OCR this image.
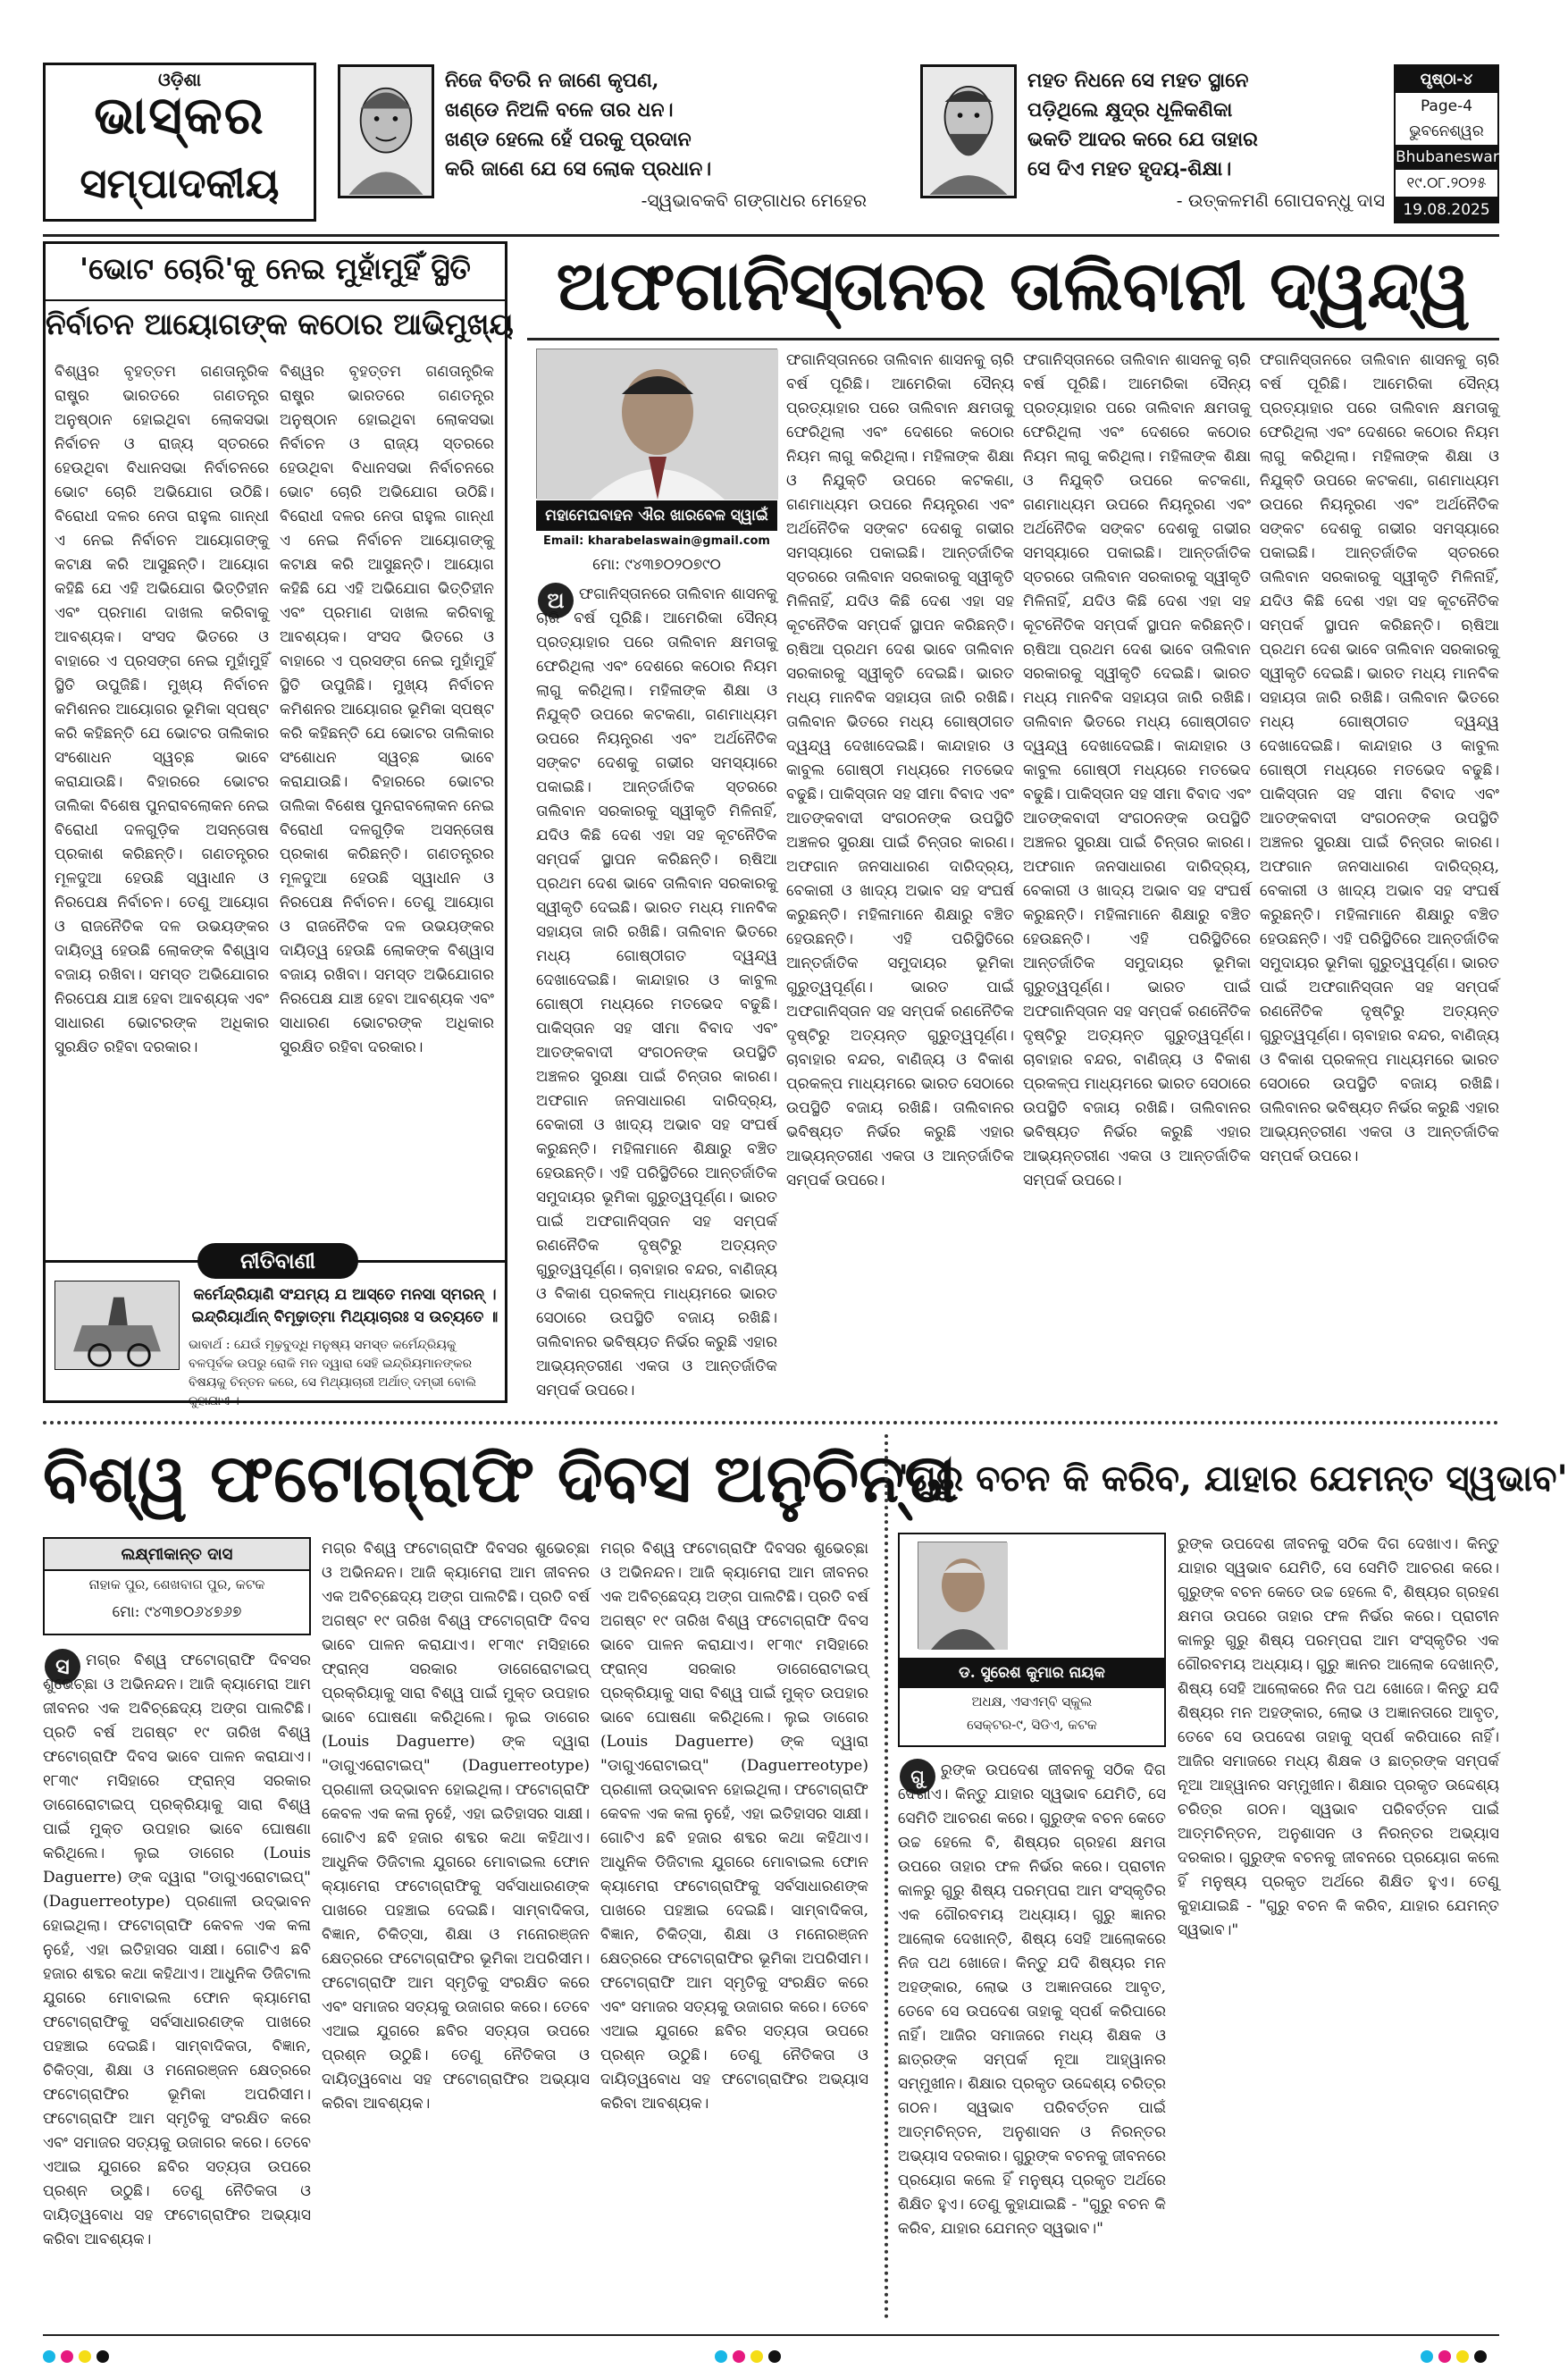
ଓଡ଼ିଶା
ଭାସ୍କର
ସମ୍ପାଦକୀୟ
ନିଜେ ବିତରି ନ ଜାଣେ କୃପଣ,
ଖଣ୍ଡେ ନିଅଳି ବଳେ ତାର ଧନ।
ଖଣ୍ଡ ହେଲେ ହେଁ ପରକୁ ପ୍ରଦାନ
କରି ଜାଣେ ଯେ ସେ ଲୋକ ପ୍ରଧାନ।
-ସ୍ୱଭାବକବି ଗଙ୍ଗାଧର ମେହେର
ମହତ ନିଧନେ ସେ ମହତ ସ୍ଥାନେ
ପଡ଼ିଥିଲେ କ୍ଷୁଦ୍ର ଧୂଳିକଣିକା
ଭକତି ଆଦର କରେ ଯେ ତାହାର
ସେ ଦିଏ ମହତ ହୃଦୟ-ଶିକ୍ଷା।
- ଉତ୍କଳମଣି ଗୋପବନ୍ଧୁ ଦାସ
ପୃଷ୍ଠା-୪
Page-4
ଭୁବନେଶ୍ୱର
Bhubaneswar
୧୯.୦୮.୨୦୨୫
19.08.2025
'ଭୋଟ ଚୋରି'କୁ ନେଇ ମୁହାଁମୁହିଁ ସ୍ଥିତି
ନିର୍ବାଚନ ଆୟୋଗଙ୍କ କଠୋର ଆଭିମୁଖ୍ୟ
ବିଶ୍ୱର ବୃହତ୍ତମ ଗଣତାନ୍ତ୍ରିକ ରାଷ୍ଟ୍ର ଭାରତରେ ଗଣତନ୍ତ୍ର ଅନୁଷ୍ଠାନ ହୋଇଥିବା ଲୋକସଭା ନିର୍ବାଚନ ଓ ରାଜ୍ୟ ସ୍ତରରେ ହେଉଥିବା ବିଧାନସଭା ନିର୍ବାଚନରେ ଭୋଟ ଚୋରି ଅଭିଯୋଗ ଉଠିଛି। ବିରୋଧୀ ଦଳର ନେତା ରାହୁଲ ଗାନ୍ଧୀ ଏ ନେଇ ନିର୍ବାଚନ ଆୟୋଗଙ୍କୁ କଟାକ୍ଷ କରି ଆସୁଛନ୍ତି। ଆୟୋଗ କହିଛି ଯେ ଏହି ଅଭିଯୋଗ ଭିତ୍ତିହୀନ ଏବଂ ପ୍ରମାଣ ଦାଖଲ କରିବାକୁ ଆବଶ୍ୟକ। ସଂସଦ ଭିତରେ ଓ ବାହାରେ ଏ ପ୍ରସଙ୍ଗ ନେଇ ମୁହାଁମୁହିଁ ସ୍ଥିତି ଉପୁଜିଛି। ମୁଖ୍ୟ ନିର୍ବାଚନ କମିଶନର ଆୟୋଗର ଭୂମିକା ସ୍ପଷ୍ଟ କରି କହିଛନ୍ତି ଯେ ଭୋଟର ତାଲିକାର ସଂଶୋଧନ ସ୍ୱଚ୍ଛ ଭାବେ କରାଯାଉଛି। ବିହାରରେ ଭୋଟର ତାଲିକା ବିଶେଷ ପୁନରାବଲୋକନ ନେଇ ବିରୋଧୀ ଦଳଗୁଡ଼ିକ ଅସନ୍ତୋଷ ପ୍ରକାଶ କରିଛନ୍ତି। ଗଣତନ୍ତ୍ରର ମୂଳଦୁଆ ହେଉଛି ସ୍ୱାଧୀନ ଓ ନିରପେକ୍ଷ ନିର୍ବାଚନ। ତେଣୁ ଆୟୋଗ ଓ ରାଜନୈତିକ ଦଳ ଉଭୟଙ୍କର ଦାୟିତ୍ୱ ହେଉଛି ଲୋକଙ୍କ ବିଶ୍ୱାସ ବଜାୟ ରଖିବା। ସମସ୍ତ ଅଭିଯୋଗର ନିରପେକ୍ଷ ଯାଞ୍ଚ ହେବା ଆବଶ୍ୟକ ଏବଂ ସାଧାରଣ ଭୋଟରଙ୍କ ଅଧିକାର ସୁରକ୍ଷିତ ରହିବା ଦରକାର।
ବିଶ୍ୱର ବୃହତ୍ତମ ଗଣତାନ୍ତ୍ରିକ ରାଷ୍ଟ୍ର ଭାରତରେ ଗଣତନ୍ତ୍ର ଅନୁଷ୍ଠାନ ହୋଇଥିବା ଲୋକସଭା ନିର୍ବାଚନ ଓ ରାଜ୍ୟ ସ୍ତରରେ ହେଉଥିବା ବିଧାନସଭା ନିର୍ବାଚନରେ ଭୋଟ ଚୋରି ଅଭିଯୋଗ ଉଠିଛି। ବିରୋଧୀ ଦଳର ନେତା ରାହୁଲ ଗାନ୍ଧୀ ଏ ନେଇ ନିର୍ବାଚନ ଆୟୋଗଙ୍କୁ କଟାକ୍ଷ କରି ଆସୁଛନ୍ତି। ଆୟୋଗ କହିଛି ଯେ ଏହି ଅଭିଯୋଗ ଭିତ୍ତିହୀନ ଏବଂ ପ୍ରମାଣ ଦାଖଲ କରିବାକୁ ଆବଶ୍ୟକ। ସଂସଦ ଭିତରେ ଓ ବାହାରେ ଏ ପ୍ରସଙ୍ଗ ନେଇ ମୁହାଁମୁହିଁ ସ୍ଥିତି ଉପୁଜିଛି। ମୁଖ୍ୟ ନିର୍ବାଚନ କମିଶନର ଆୟୋଗର ଭୂମିକା ସ୍ପଷ୍ଟ କରି କହିଛନ୍ତି ଯେ ଭୋଟର ତାଲିକାର ସଂଶୋଧନ ସ୍ୱଚ୍ଛ ଭାବେ କରାଯାଉଛି। ବିହାରରେ ଭୋଟର ତାଲିକା ବିଶେଷ ପୁନରାବଲୋକନ ନେଇ ବିରୋଧୀ ଦଳଗୁଡ଼ିକ ଅସନ୍ତୋଷ ପ୍ରକାଶ କରିଛନ୍ତି। ଗଣତନ୍ତ୍ରର ମୂଳଦୁଆ ହେଉଛି ସ୍ୱାଧୀନ ଓ ନିରପେକ୍ଷ ନିର୍ବାଚନ। ତେଣୁ ଆୟୋଗ ଓ ରାଜନୈତିକ ଦଳ ଉଭୟଙ୍କର ଦାୟିତ୍ୱ ହେଉଛି ଲୋକଙ୍କ ବିଶ୍ୱାସ ବଜାୟ ରଖିବା। ସମସ୍ତ ଅଭିଯୋଗର ନିରପେକ୍ଷ ଯାଞ୍ଚ ହେବା ଆବଶ୍ୟକ ଏବଂ ସାଧାରଣ ଭୋଟରଙ୍କ ଅଧିକାର ସୁରକ୍ଷିତ ରହିବା ଦରକାର।
ନୀତିବାଣୀ
କର୍ମେନ୍ଦ୍ରିୟାଣି ସଂଯମ୍ୟ ଯ ଆସ୍ତେ ମନସା ସ୍ମରନ୍ ।
ଇନ୍ଦ୍ରିୟାର୍ଥାନ୍ ବିମୂଢ଼ାତ୍ମା ମିଥ୍ୟାଚାରଃ ସ ଉଚ୍ୟତେ ॥
ଭାବାର୍ଥ : ଯେଉଁ ମୂଢ଼ବୁଦ୍ଧି ମନୁଷ୍ୟ ସମସ୍ତ କର୍ମେନ୍ଦ୍ରିୟକୁ ବଳପୂର୍ବକ ଉପରୁ ରୋକି ମନ ଦ୍ୱାରା ସେହି ଇନ୍ଦ୍ରିୟମାନଙ୍କର ବିଷୟକୁ ଚିନ୍ତନ କରେ, ସେ ମିଥ୍ୟାଚାରୀ ଅର୍ଥାତ୍ ଦମ୍ଭୀ ବୋଲି କୁହାଯାଏ ।
ଅଫଗାନିସ୍ତାନର ତାଲିବାନୀ ଦ୍ୱନ୍ଦ୍ୱ
ମହାମେଘବାହନ ଐର ଖାରବେଳ ସ୍ୱାଇଁ
Email: kharabelaswain@gmail.com
ମୋ: ୯୪୩୭୦୨୦୭୯୦
ଅ ଫଗାନିସ୍ତାନରେ ତାଲିବାନ ଶାସନକୁ ଚାରି ବର୍ଷ ପୂରିଛି। ଆମେରିକା ସୈନ୍ୟ ପ୍ରତ୍ୟାହାର ପରେ ତାଲିବାନ କ୍ଷମତାକୁ ଫେରିଥିଲା ଏବଂ ଦେଶରେ କଠୋର ନିୟମ ଲାଗୁ କରିଥିଲା। ମହିଳାଙ୍କ ଶିକ୍ଷା ଓ ନିଯୁକ୍ତି ଉପରେ କଟକଣା, ଗଣମାଧ୍ୟମ ଉପରେ ନିୟନ୍ତ୍ରଣ ଏବଂ ଅର୍ଥନୈତିକ ସଙ୍କଟ ଦେଶକୁ ଗଭୀର ସମସ୍ୟାରେ ପକାଇଛି। ଆନ୍ତର୍ଜାତିକ ସ୍ତରରେ ତାଲିବାନ ସରକାରକୁ ସ୍ୱୀକୃତି ମିଳିନାହିଁ, ଯଦିଓ କିଛି ଦେଶ ଏହା ସହ କୂଟନୈତିକ ସମ୍ପର୍କ ସ୍ଥାପନ କରିଛନ୍ତି। ଋଷିଆ ପ୍ରଥମ ଦେଶ ଭାବେ ତାଲିବାନ ସରକାରକୁ ସ୍ୱୀକୃତି ଦେଇଛି। ଭାରତ ମଧ୍ୟ ମାନବିକ ସହାୟତା ଜାରି ରଖିଛି। ତାଲିବାନ ଭିତରେ ମଧ୍ୟ ଗୋଷ୍ଠୀଗତ ଦ୍ୱନ୍ଦ୍ୱ ଦେଖାଦେଇଛି। କାନ୍ଦାହାର ଓ କାବୁଲ ଗୋଷ୍ଠୀ ମଧ୍ୟରେ ମତଭେଦ ବଢୁଛି। ପାକିସ୍ତାନ ସହ ସୀମା ବିବାଦ ଏବଂ ଆତଙ୍କବାଦୀ ସଂଗଠନଙ୍କ ଉପସ୍ଥିତି ଅଞ୍ଚଳର ସୁରକ୍ଷା ପାଇଁ ଚିନ୍ତାର କାରଣ। ଅଫଗାନ ଜନସାଧାରଣ ଦାରିଦ୍ର୍ୟ, ବେକାରୀ ଓ ଖାଦ୍ୟ ଅଭାବ ସହ ସଂଘର୍ଷ କରୁଛନ୍ତି। ମହିଳାମାନେ ଶିକ୍ଷାରୁ ବଞ୍ଚିତ ହେଉଛନ୍ତି। ଏହି ପରିସ୍ଥିତିରେ ଆନ୍ତର୍ଜାତିକ ସମୁଦାୟର ଭୂମିକା ଗୁରୁତ୍ୱପୂର୍ଣ୍ଣ। ଭାରତ ପାଇଁ ଅଫଗାନିସ୍ତାନ ସହ ସମ୍ପର୍କ ରଣନୈତିକ ଦୃଷ୍ଟିରୁ ଅତ୍ୟନ୍ତ ଗୁରୁତ୍ୱପୂର୍ଣ୍ଣ। ଚାବାହାର ବନ୍ଦର, ବାଣିଜ୍ୟ ଓ ବିକାଶ ପ୍ରକଳ୍ପ ମାଧ୍ୟମରେ ଭାରତ ସେଠାରେ ଉପସ୍ଥିତି ବଜାୟ ରଖିଛି। ତାଲିବାନର ଭବିଷ୍ୟତ ନିର୍ଭର କରୁଛି ଏହାର ଆଭ୍ୟନ୍ତରୀଣ ଏକତା ଓ ଆନ୍ତର୍ଜାତିକ ସମ୍ପର୍କ ଉପରେ।
ଫଗାନିସ୍ତାନରେ ତାଲିବାନ ଶାସନକୁ ଚାରି ବର୍ଷ ପୂରିଛି। ଆମେରିକା ସୈନ୍ୟ ପ୍ରତ୍ୟାହାର ପରେ ତାଲିବାନ କ୍ଷମତାକୁ ଫେରିଥିଲା ଏବଂ ଦେଶରେ କଠୋର ନିୟମ ଲାଗୁ କରିଥିଲା। ମହିଳାଙ୍କ ଶିକ୍ଷା ଓ ନିଯୁକ୍ତି ଉପରେ କଟକଣା, ଗଣମାଧ୍ୟମ ଉପରେ ନିୟନ୍ତ୍ରଣ ଏବଂ ଅର୍ଥନୈତିକ ସଙ୍କଟ ଦେଶକୁ ଗଭୀର ସମସ୍ୟାରେ ପକାଇଛି। ଆନ୍ତର୍ଜାତିକ ସ୍ତରରେ ତାଲିବାନ ସରକାରକୁ ସ୍ୱୀକୃତି ମିଳିନାହିଁ, ଯଦିଓ କିଛି ଦେଶ ଏହା ସହ କୂଟନୈତିକ ସମ୍ପର୍କ ସ୍ଥାପନ କରିଛନ୍ତି। ଋଷିଆ ପ୍ରଥମ ଦେଶ ଭାବେ ତାଲିବାନ ସରକାରକୁ ସ୍ୱୀକୃତି ଦେଇଛି। ଭାରତ ମଧ୍ୟ ମାନବିକ ସହାୟତା ଜାରି ରଖିଛି। ତାଲିବାନ ଭିତରେ ମଧ୍ୟ ଗୋଷ୍ଠୀଗତ ଦ୍ୱନ୍ଦ୍ୱ ଦେଖାଦେଇଛି। କାନ୍ଦାହାର ଓ କାବୁଲ ଗୋଷ୍ଠୀ ମଧ୍ୟରେ ମତଭେଦ ବଢୁଛି। ପାକିସ୍ତାନ ସହ ସୀମା ବିବାଦ ଏବଂ ଆତଙ୍କବାଦୀ ସଂଗଠନଙ୍କ ଉପସ୍ଥିତି ଅଞ୍ଚଳର ସୁରକ୍ଷା ପାଇଁ ଚିନ୍ତାର କାରଣ। ଅଫଗାନ ଜନସାଧାରଣ ଦାରିଦ୍ର୍ୟ, ବେକାରୀ ଓ ଖାଦ୍ୟ ଅଭାବ ସହ ସଂଘର୍ଷ କରୁଛନ୍ତି। ମହିଳାମାନେ ଶିକ୍ଷାରୁ ବଞ୍ଚିତ ହେଉଛନ୍ତି। ଏହି ପରିସ୍ଥିତିରେ ଆନ୍ତର୍ଜାତିକ ସମୁଦାୟର ଭୂମିକା ଗୁରୁତ୍ୱପୂର୍ଣ୍ଣ। ଭାରତ ପାଇଁ ଅଫଗାନିସ୍ତାନ ସହ ସମ୍ପର୍କ ରଣନୈତିକ ଦୃଷ୍ଟିରୁ ଅତ୍ୟନ୍ତ ଗୁରୁତ୍ୱପୂର୍ଣ୍ଣ। ଚାବାହାର ବନ୍ଦର, ବାଣିଜ୍ୟ ଓ ବିକାଶ ପ୍ରକଳ୍ପ ମାଧ୍ୟମରେ ଭାରତ ସେଠାରେ ଉପସ୍ଥିତି ବଜାୟ ରଖିଛି। ତାଲିବାନର ଭବିଷ୍ୟତ ନିର୍ଭର କରୁଛି ଏହାର ଆଭ୍ୟନ୍ତରୀଣ ଏକତା ଓ ଆନ୍ତର୍ଜାତିକ ସମ୍ପର୍କ ଉପରେ।
ଫଗାନିସ୍ତାନରେ ତାଲିବାନ ଶାସନକୁ ଚାରି ବର୍ଷ ପୂରିଛି। ଆମେରିକା ସୈନ୍ୟ ପ୍ରତ୍ୟାହାର ପରେ ତାଲିବାନ କ୍ଷମତାକୁ ଫେରିଥିଲା ଏବଂ ଦେଶରେ କଠୋର ନିୟମ ଲାଗୁ କରିଥିଲା। ମହିଳାଙ୍କ ଶିକ୍ଷା ଓ ନିଯୁକ୍ତି ଉପରେ କଟକଣା, ଗଣମାଧ୍ୟମ ଉପରେ ନିୟନ୍ତ୍ରଣ ଏବଂ ଅର୍ଥନୈତିକ ସଙ୍କଟ ଦେଶକୁ ଗଭୀର ସମସ୍ୟାରେ ପକାଇଛି। ଆନ୍ତର୍ଜାତିକ ସ୍ତରରେ ତାଲିବାନ ସରକାରକୁ ସ୍ୱୀକୃତି ମିଳିନାହିଁ, ଯଦିଓ କିଛି ଦେଶ ଏହା ସହ କୂଟନୈତିକ ସମ୍ପର୍କ ସ୍ଥାପନ କରିଛନ୍ତି। ଋଷିଆ ପ୍ରଥମ ଦେଶ ଭାବେ ତାଲିବାନ ସରକାରକୁ ସ୍ୱୀକୃତି ଦେଇଛି। ଭାରତ ମଧ୍ୟ ମାନବିକ ସହାୟତା ଜାରି ରଖିଛି। ତାଲିବାନ ଭିତରେ ମଧ୍ୟ ଗୋଷ୍ଠୀଗତ ଦ୍ୱନ୍ଦ୍ୱ ଦେଖାଦେଇଛି। କାନ୍ଦାହାର ଓ କାବୁଲ ଗୋଷ୍ଠୀ ମଧ୍ୟରେ ମତଭେଦ ବଢୁଛି। ପାକିସ୍ତାନ ସହ ସୀମା ବିବାଦ ଏବଂ ଆତଙ୍କବାଦୀ ସଂଗଠନଙ୍କ ଉପସ୍ଥିତି ଅଞ୍ଚଳର ସୁରକ୍ଷା ପାଇଁ ଚିନ୍ତାର କାରଣ। ଅଫଗାନ ଜନସାଧାରଣ ଦାରିଦ୍ର୍ୟ, ବେକାରୀ ଓ ଖାଦ୍ୟ ଅଭାବ ସହ ସଂଘର୍ଷ କରୁଛନ୍ତି। ମହିଳାମାନେ ଶିକ୍ଷାରୁ ବଞ୍ଚିତ ହେଉଛନ୍ତି। ଏହି ପରିସ୍ଥିତିରେ ଆନ୍ତର୍ଜାତିକ ସମୁଦାୟର ଭୂମିକା ଗୁରୁତ୍ୱପୂର୍ଣ୍ଣ। ଭାରତ ପାଇଁ ଅଫଗାନିସ୍ତାନ ସହ ସମ୍ପର୍କ ରଣନୈତିକ ଦୃଷ୍ଟିରୁ ଅତ୍ୟନ୍ତ ଗୁରୁତ୍ୱପୂର୍ଣ୍ଣ। ଚାବାହାର ବନ୍ଦର, ବାଣିଜ୍ୟ ଓ ବିକାଶ ପ୍ରକଳ୍ପ ମାଧ୍ୟମରେ ଭାରତ ସେଠାରେ ଉପସ୍ଥିତି ବଜାୟ ରଖିଛି। ତାଲିବାନର ଭବିଷ୍ୟତ ନିର୍ଭର କରୁଛି ଏହାର ଆଭ୍ୟନ୍ତରୀଣ ଏକତା ଓ ଆନ୍ତର୍ଜାତିକ ସମ୍ପର୍କ ଉପରେ।
ଫଗାନିସ୍ତାନରେ ତାଲିବାନ ଶାସନକୁ ଚାରି ବର୍ଷ ପୂରିଛି। ଆମେରିକା ସୈନ୍ୟ ପ୍ରତ୍ୟାହାର ପରେ ତାଲିବାନ କ୍ଷମତାକୁ ଫେରିଥିଲା ଏବଂ ଦେଶରେ କଠୋର ନିୟମ ଲାଗୁ କରିଥିଲା। ମହିଳାଙ୍କ ଶିକ୍ଷା ଓ ନିଯୁକ୍ତି ଉପରେ କଟକଣା, ଗଣମାଧ୍ୟମ ଉପରେ ନିୟନ୍ତ୍ରଣ ଏବଂ ଅର୍ଥନୈତିକ ସଙ୍କଟ ଦେଶକୁ ଗଭୀର ସମସ୍ୟାରେ ପକାଇଛି। ଆନ୍ତର୍ଜାତିକ ସ୍ତରରେ ତାଲିବାନ ସରକାରକୁ ସ୍ୱୀକୃତି ମିଳିନାହିଁ, ଯଦିଓ କିଛି ଦେଶ ଏହା ସହ କୂଟନୈତିକ ସମ୍ପର୍କ ସ୍ଥାପନ କରିଛନ୍ତି। ଋଷିଆ ପ୍ରଥମ ଦେଶ ଭାବେ ତାଲିବାନ ସରକାରକୁ ସ୍ୱୀକୃତି ଦେଇଛି। ଭାରତ ମଧ୍ୟ ମାନବିକ ସହାୟତା ଜାରି ରଖିଛି। ତାଲିବାନ ଭିତରେ ମଧ୍ୟ ଗୋଷ୍ଠୀଗତ ଦ୍ୱନ୍ଦ୍ୱ ଦେଖାଦେଇଛି। କାନ୍ଦାହାର ଓ କାବୁଲ ଗୋଷ୍ଠୀ ମଧ୍ୟରେ ମତଭେଦ ବଢୁଛି। ପାକିସ୍ତାନ ସହ ସୀମା ବିବାଦ ଏବଂ ଆତଙ୍କବାଦୀ ସଂଗଠନଙ୍କ ଉପସ୍ଥିତି ଅଞ୍ଚଳର ସୁରକ୍ଷା ପାଇଁ ଚିନ୍ତାର କାରଣ। ଅଫଗାନ ଜନସାଧାରଣ ଦାରିଦ୍ର୍ୟ, ବେକାରୀ ଓ ଖାଦ୍ୟ ଅଭାବ ସହ ସଂଘର୍ଷ କରୁଛନ୍ତି। ମହିଳାମାନେ ଶିକ୍ଷାରୁ ବଞ୍ଚିତ ହେଉଛନ୍ତି। ଏହି ପରିସ୍ଥିତିରେ ଆନ୍ତର୍ଜାତିକ ସମୁଦାୟର ଭୂମିକା ଗୁରୁତ୍ୱପୂର୍ଣ୍ଣ। ଭାରତ ପାଇଁ ଅଫଗାନିସ୍ତାନ ସହ ସମ୍ପର୍କ ରଣନୈତିକ ଦୃଷ୍ଟିରୁ ଅତ୍ୟନ୍ତ ଗୁରୁତ୍ୱପୂର୍ଣ୍ଣ। ଚାବାହାର ବନ୍ଦର, ବାଣିଜ୍ୟ ଓ ବିକାଶ ପ୍ରକଳ୍ପ ମାଧ୍ୟମରେ ଭାରତ ସେଠାରେ ଉପସ୍ଥିତି ବଜାୟ ରଖିଛି। ତାଲିବାନର ଭବିଷ୍ୟତ ନିର୍ଭର କରୁଛି ଏହାର ଆଭ୍ୟନ୍ତରୀଣ ଏକତା ଓ ଆନ୍ତର୍ଜାତିକ ସମ୍ପର୍କ ଉପରେ।
ବିଶ୍ୱ ଫଟୋଗ୍ରାଫି ଦିବସ ଅନୁଚିନ୍ତା
ଲକ୍ଷ୍ମୀକାନ୍ତ ଦାସ
ନାହାକ ପୁର, ଶେଖବାଗ ପୁର, କଟକ
ମୋ: ୯୪୩୭୦୬୪୭୬୭
ସ	ମଗ୍ର ବିଶ୍ୱ ଫଟୋଗ୍ରାଫି ଦିବସର ଶୁଭେଚ୍ଛା ଓ ଅଭିନନ୍ଦନ। ଆଜି କ୍ୟାମେରା ଆମ ଜୀବନର ଏକ ଅବିଚ୍ଛେଦ୍ୟ ଅଙ୍ଗ ପାଲଟିଛି। ପ୍ରତି ବର୍ଷ ଅଗଷ୍ଟ ୧୯ ତାରିଖ ବିଶ୍ୱ ଫଟୋଗ୍ରାଫି ଦିବସ ଭାବେ ପାଳନ କରାଯାଏ। ୧୮୩୯ ମସିହାରେ ଫ୍ରାନ୍ସ ସରକାର ଡାଗେରୋଟାଇପ୍ ପ୍ରକ୍ରିୟାକୁ ସାରା ବିଶ୍ୱ ପାଇଁ ମୁକ୍ତ ଉପହାର ଭାବେ ଘୋଷଣା କରିଥିଲେ। ଲୁଇ ଡାଗେର (Louis Daguerre) ଙ୍କ ଦ୍ୱାରା "ଡାଗୁଏରୋଟାଇପ୍" (Daguerreotype) ପ୍ରଣାଳୀ ଉଦ୍ଭାବନ ହୋଇଥିଲା। ଫଟୋଗ୍ରାଫି କେବଳ ଏକ କଳା ନୁହେଁ, ଏହା ଇତିହାସର ସାକ୍ଷୀ। ଗୋଟିଏ ଛବି ହଜାର ଶବ୍ଦର କଥା କହିଥାଏ। ଆଧୁନିକ ଡିଜିଟାଲ ଯୁଗରେ ମୋବାଇଲ ଫୋନ କ୍ୟାମେରା ଫଟୋଗ୍ରାଫିକୁ ସର୍ବସାଧାରଣଙ୍କ ପାଖରେ ପହଞ୍ଚାଇ ଦେଇଛି। ସାମ୍ବାଦିକତା, ବିଜ୍ଞାନ, ଚିକିତ୍ସା, ଶିକ୍ଷା ଓ ମନୋରଞ୍ଜନ କ୍ଷେତ୍ରରେ ଫଟୋଗ୍ରାଫିର ଭୂମିକା ଅପରିସୀମ। ଫଟୋଗ୍ରାଫି ଆମ ସ୍ମୃତିକୁ ସଂରକ୍ଷିତ କରେ ଏବଂ ସମାଜର ସତ୍ୟକୁ ଉଜାଗର କରେ। ତେବେ ଏଆଇ ଯୁଗରେ ଛବିର ସତ୍ୟତା ଉପରେ ପ୍ରଶ୍ନ ଉଠୁଛି। ତେଣୁ ନୈତିକତା ଓ ଦାୟିତ୍ୱବୋଧ ସହ ଫଟୋଗ୍ରାଫିର ଅଭ୍ୟାସ କରିବା ଆବଶ୍ୟକ।
ମଗ୍ର ବିଶ୍ୱ ଫଟୋଗ୍ରାଫି ଦିବସର ଶୁଭେଚ୍ଛା ଓ ଅଭିନନ୍ଦନ। ଆଜି କ୍ୟାମେରା ଆମ ଜୀବନର ଏକ ଅବିଚ୍ଛେଦ୍ୟ ଅଙ୍ଗ ପାଲଟିଛି। ପ୍ରତି ବର୍ଷ ଅଗଷ୍ଟ ୧୯ ତାରିଖ ବିଶ୍ୱ ଫଟୋଗ୍ରାଫି ଦିବସ ଭାବେ ପାଳନ କରାଯାଏ। ୧୮୩୯ ମସିହାରେ ଫ୍ରାନ୍ସ ସରକାର ଡାଗେରୋଟାଇପ୍ ପ୍ରକ୍ରିୟାକୁ ସାରା ବିଶ୍ୱ ପାଇଁ ମୁକ୍ତ ଉପହାର ଭାବେ ଘୋଷଣା କରିଥିଲେ। ଲୁଇ ଡାଗେର (Louis Daguerre) ଙ୍କ ଦ୍ୱାରା "ଡାଗୁଏରୋଟାଇପ୍" (Daguerreotype) ପ୍ରଣାଳୀ ଉଦ୍ଭାବନ ହୋଇଥିଲା। ଫଟୋଗ୍ରାଫି କେବଳ ଏକ କଳା ନୁହେଁ, ଏହା ଇତିହାସର ସାକ୍ଷୀ। ଗୋଟିଏ ଛବି ହଜାର ଶବ୍ଦର କଥା କହିଥାଏ। ଆଧୁନିକ ଡିଜିଟାଲ ଯୁଗରେ ମୋବାଇଲ ଫୋନ କ୍ୟାମେରା ଫଟୋଗ୍ରାଫିକୁ ସର୍ବସାଧାରଣଙ୍କ ପାଖରେ ପହଞ୍ଚାଇ ଦେଇଛି। ସାମ୍ବାଦିକତା, ବିଜ୍ଞାନ, ଚିକିତ୍ସା, ଶିକ୍ଷା ଓ ମନୋରଞ୍ଜନ କ୍ଷେତ୍ରରେ ଫଟୋଗ୍ରାଫିର ଭୂମିକା ଅପରିସୀମ। ଫଟୋଗ୍ରାଫି ଆମ ସ୍ମୃତିକୁ ସଂରକ୍ଷିତ କରେ ଏବଂ ସମାଜର ସତ୍ୟକୁ ଉଜାଗର କରେ। ତେବେ ଏଆଇ ଯୁଗରେ ଛବିର ସତ୍ୟତା ଉପରେ ପ୍ରଶ୍ନ ଉଠୁଛି। ତେଣୁ ନୈତିକତା ଓ ଦାୟିତ୍ୱବୋଧ ସହ ଫଟୋଗ୍ରାଫିର ଅଭ୍ୟାସ କରିବା ଆବଶ୍ୟକ।
ମଗ୍ର ବିଶ୍ୱ ଫଟୋଗ୍ରାଫି ଦିବସର ଶୁଭେଚ୍ଛା ଓ ଅଭିନନ୍ଦନ। ଆଜି କ୍ୟାମେରା ଆମ ଜୀବନର ଏକ ଅବିଚ୍ଛେଦ୍ୟ ଅଙ୍ଗ ପାଲଟିଛି। ପ୍ରତି ବର୍ଷ ଅଗଷ୍ଟ ୧୯ ତାରିଖ ବିଶ୍ୱ ଫଟୋଗ୍ରାଫି ଦିବସ ଭାବେ ପାଳନ କରାଯାଏ। ୧୮୩୯ ମସିହାରେ ଫ୍ରାନ୍ସ ସରକାର ଡାଗେରୋଟାଇପ୍ ପ୍ରକ୍ରିୟାକୁ ସାରା ବିଶ୍ୱ ପାଇଁ ମୁକ୍ତ ଉପହାର ଭାବେ ଘୋଷଣା କରିଥିଲେ। ଲୁଇ ଡାଗେର (Louis Daguerre) ଙ୍କ ଦ୍ୱାରା "ଡାଗୁଏରୋଟାଇପ୍" (Daguerreotype) ପ୍ରଣାଳୀ ଉଦ୍ଭାବନ ହୋଇଥିଲା। ଫଟୋଗ୍ରାଫି କେବଳ ଏକ କଳା ନୁହେଁ, ଏହା ଇତିହାସର ସାକ୍ଷୀ। ଗୋଟିଏ ଛବି ହଜାର ଶବ୍ଦର କଥା କହିଥାଏ। ଆଧୁନିକ ଡିଜିଟାଲ ଯୁଗରେ ମୋବାଇଲ ଫୋନ କ୍ୟାମେରା ଫଟୋଗ୍ରାଫିକୁ ସର୍ବସାଧାରଣଙ୍କ ପାଖରେ ପହଞ୍ଚାଇ ଦେଇଛି। ସାମ୍ବାଦିକତା, ବିଜ୍ଞାନ, ଚିକିତ୍ସା, ଶିକ୍ଷା ଓ ମନୋରଞ୍ଜନ କ୍ଷେତ୍ରରେ ଫଟୋଗ୍ରାଫିର ଭୂମିକା ଅପରିସୀମ। ଫଟୋଗ୍ରାଫି ଆମ ସ୍ମୃତିକୁ ସଂରକ୍ଷିତ କରେ ଏବଂ ସମାଜର ସତ୍ୟକୁ ଉଜାଗର କରେ। ତେବେ ଏଆଇ ଯୁଗରେ ଛବିର ସତ୍ୟତା ଉପରେ ପ୍ରଶ୍ନ ଉଠୁଛି। ତେଣୁ ନୈତିକତା ଓ ଦାୟିତ୍ୱବୋଧ ସହ ଫଟୋଗ୍ରାଫିର ଅଭ୍ୟାସ କରିବା ଆବଶ୍ୟକ।
'ଗୁରୁ ବଚନ କି କରିବ, ଯାହାର ଯେମନ୍ତ ସ୍ୱଭାବ'
ଡ. ସୁରେଶ କୁମାର ନାୟକ
ଅଧକ୍ଷ, ଏସଏମ୍ବି ସ୍କୁଲ
ସେକ୍ଟର-୯, ସିଡିଏ, କଟକ
ଗୁ	ରୁଙ୍କ ଉପଦେଶ ଜୀବନକୁ ସଠିକ ଦିଗ ଦେଖାଏ। କିନ୍ତୁ ଯାହାର ସ୍ୱଭାବ ଯେମିତି, ସେ ସେମିତି ଆଚରଣ କରେ। ଗୁରୁଙ୍କ ବଚନ କେତେ ଉଚ୍ଚ ହେଲେ ବି, ଶିଷ୍ୟର ଗ୍ରହଣ କ୍ଷମତା ଉପରେ ତାହାର ଫଳ ନିର୍ଭର କରେ। ପ୍ରାଚୀନ କାଳରୁ ଗୁରୁ ଶିଷ୍ୟ ପରମ୍ପରା ଆମ ସଂସ୍କୃତିର ଏକ ଗୌରବମୟ ଅଧ୍ୟାୟ। ଗୁରୁ ଜ୍ଞାନର ଆଲୋକ ଦେଖାନ୍ତି, ଶିଷ୍ୟ ସେହି ଆଲୋକରେ ନିଜ ପଥ ଖୋଜେ। କିନ୍ତୁ ଯଦି ଶିଷ୍ୟର ମନ ଅହଙ୍କାର, ଲୋଭ ଓ ଅଜ୍ଞାନତାରେ ଆବୃତ, ତେବେ ସେ ଉପଦେଶ ତାହାକୁ ସ୍ପର୍ଶ କରିପାରେ ନାହିଁ। ଆଜିର ସମାଜରେ ମଧ୍ୟ ଶିକ୍ଷକ ଓ ଛାତ୍ରଙ୍କ ସମ୍ପର୍କ ନୂଆ ଆହ୍ୱାନର ସମ୍ମୁଖୀନ। ଶିକ୍ଷାର ପ୍ରକୃତ ଉଦ୍ଦେଶ୍ୟ ଚରିତ୍ର ଗଠନ। ସ୍ୱଭାବ ପରିବର୍ତ୍ତନ ପାଇଁ ଆତ୍ମଚିନ୍ତନ, ଅନୁଶାସନ ଓ ନିରନ୍ତର ଅଭ୍ୟାସ ଦରକାର। ଗୁରୁଙ୍କ ବଚନକୁ ଜୀବନରେ ପ୍ରୟୋଗ କଲେ ହିଁ ମନୁଷ୍ୟ ପ୍ରକୃତ ଅର୍ଥରେ ଶିକ୍ଷିତ ହୁଏ। ତେଣୁ କୁହାଯାଇଛି - "ଗୁରୁ ବଚନ କି କରିବ, ଯାହାର ଯେମନ୍ତ ସ୍ୱଭାବ।"
ରୁଙ୍କ ଉପଦେଶ ଜୀବନକୁ ସଠିକ ଦିଗ ଦେଖାଏ। କିନ୍ତୁ ଯାହାର ସ୍ୱଭାବ ଯେମିତି, ସେ ସେମିତି ଆଚରଣ କରେ। ଗୁରୁଙ୍କ ବଚନ କେତେ ଉଚ୍ଚ ହେଲେ ବି, ଶିଷ୍ୟର ଗ୍ରହଣ କ୍ଷମତା ଉପରେ ତାହାର ଫଳ ନିର୍ଭର କରେ। ପ୍ରାଚୀନ କାଳରୁ ଗୁରୁ ଶିଷ୍ୟ ପରମ୍ପରା ଆମ ସଂସ୍କୃତିର ଏକ ଗୌରବମୟ ଅଧ୍ୟାୟ। ଗୁରୁ ଜ୍ଞାନର ଆଲୋକ ଦେଖାନ୍ତି, ଶିଷ୍ୟ ସେହି ଆଲୋକରେ ନିଜ ପଥ ଖୋଜେ। କିନ୍ତୁ ଯଦି ଶିଷ୍ୟର ମନ ଅହଙ୍କାର, ଲୋଭ ଓ ଅଜ୍ଞାନତାରେ ଆବୃତ, ତେବେ ସେ ଉପଦେଶ ତାହାକୁ ସ୍ପର୍ଶ କରିପାରେ ନାହିଁ। ଆଜିର ସମାଜରେ ମଧ୍ୟ ଶିକ୍ଷକ ଓ ଛାତ୍ରଙ୍କ ସମ୍ପର୍କ ନୂଆ ଆହ୍ୱାନର ସମ୍ମୁଖୀନ। ଶିକ୍ଷାର ପ୍ରକୃତ ଉଦ୍ଦେଶ୍ୟ ଚରିତ୍ର ଗଠନ। ସ୍ୱଭାବ ପରିବର୍ତ୍ତନ ପାଇଁ ଆତ୍ମଚିନ୍ତନ, ଅନୁଶାସନ ଓ ନିରନ୍ତର ଅଭ୍ୟାସ ଦରକାର। ଗୁରୁଙ୍କ ବଚନକୁ ଜୀବନରେ ପ୍ରୟୋଗ କଲେ ହିଁ ମନୁଷ୍ୟ ପ୍ରକୃତ ଅର୍ଥରେ ଶିକ୍ଷିତ ହୁଏ। ତେଣୁ କୁହାଯାଇଛି - "ଗୁରୁ ବଚନ କି କରିବ, ଯାହାର ଯେମନ୍ତ ସ୍ୱଭାବ।"
